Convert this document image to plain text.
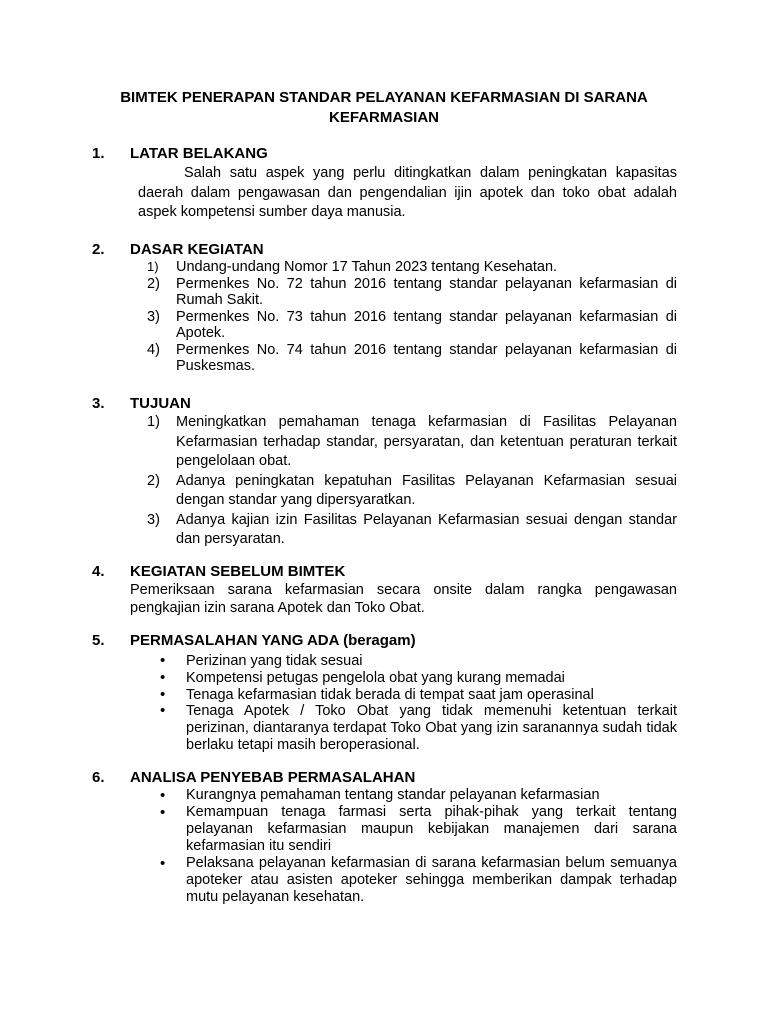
BIMTEK PENERAPAN STANDAR PELAYANAN KEFARMASIAN DI SARANA
KEFARMASIAN
1. LATAR BELAKANG
Salah satu aspek yang perlu ditingkatkan dalam peningkatan kapasitas daerah dalam pengawasan dan pengendalian ijin apotek dan toko obat adalah aspek kompetensi sumber daya manusia.
2. DASAR KEGIATAN
1) Undang-undang Nomor 17 Tahun 2023 tentang Kesehatan.
2) Permenkes No. 72 tahun 2016 tentang standar pelayanan kefarmasian di Rumah Sakit.
3) Permenkes No. 73 tahun 2016 tentang standar pelayanan kefarmasian di Apotek.
4) Permenkes No. 74 tahun 2016 tentang standar pelayanan kefarmasian di Puskesmas.
3. TUJUAN
1) Meningkatkan pemahaman tenaga kefarmasian di Fasilitas Pelayanan Kefarmasian terhadap standar, persyaratan, dan ketentuan peraturan terkait pengelolaan obat.
2) Adanya peningkatan kepatuhan Fasilitas Pelayanan Kefarmasian sesuai dengan standar yang dipersyaratkan.
3) Adanya kajian izin Fasilitas Pelayanan Kefarmasian sesuai dengan standar dan persyaratan.
4. KEGIATAN SEBELUM BIMTEK
Pemeriksaan sarana kefarmasian secara onsite dalam rangka pengawasan pengkajian izin sarana Apotek dan Toko Obat.
5. PERMASALAHAN YANG ADA (beragam)
• Perizinan yang tidak sesuai
• Kompetensi petugas pengelola obat yang kurang memadai
• Tenaga kefarmasian tidak berada di tempat saat jam operasinal
• Tenaga Apotek / Toko Obat yang tidak memenuhi ketentuan terkait perizinan, diantaranya terdapat Toko Obat yang izin saranannya sudah tidak berlaku tetapi masih beroperasional.
6. ANALISA PENYEBAB PERMASALAHAN
• Kurangnya pemahaman tentang standar pelayanan kefarmasian
• Kemampuan tenaga farmasi serta pihak-pihak yang terkait tentang pelayanan kefarmasian maupun kebijakan manajemen dari sarana kefarmasian itu sendiri
• Pelaksana pelayanan kefarmasian di sarana kefarmasian belum semuanya apoteker atau asisten apoteker sehingga memberikan dampak terhadap mutu pelayanan kesehatan.
